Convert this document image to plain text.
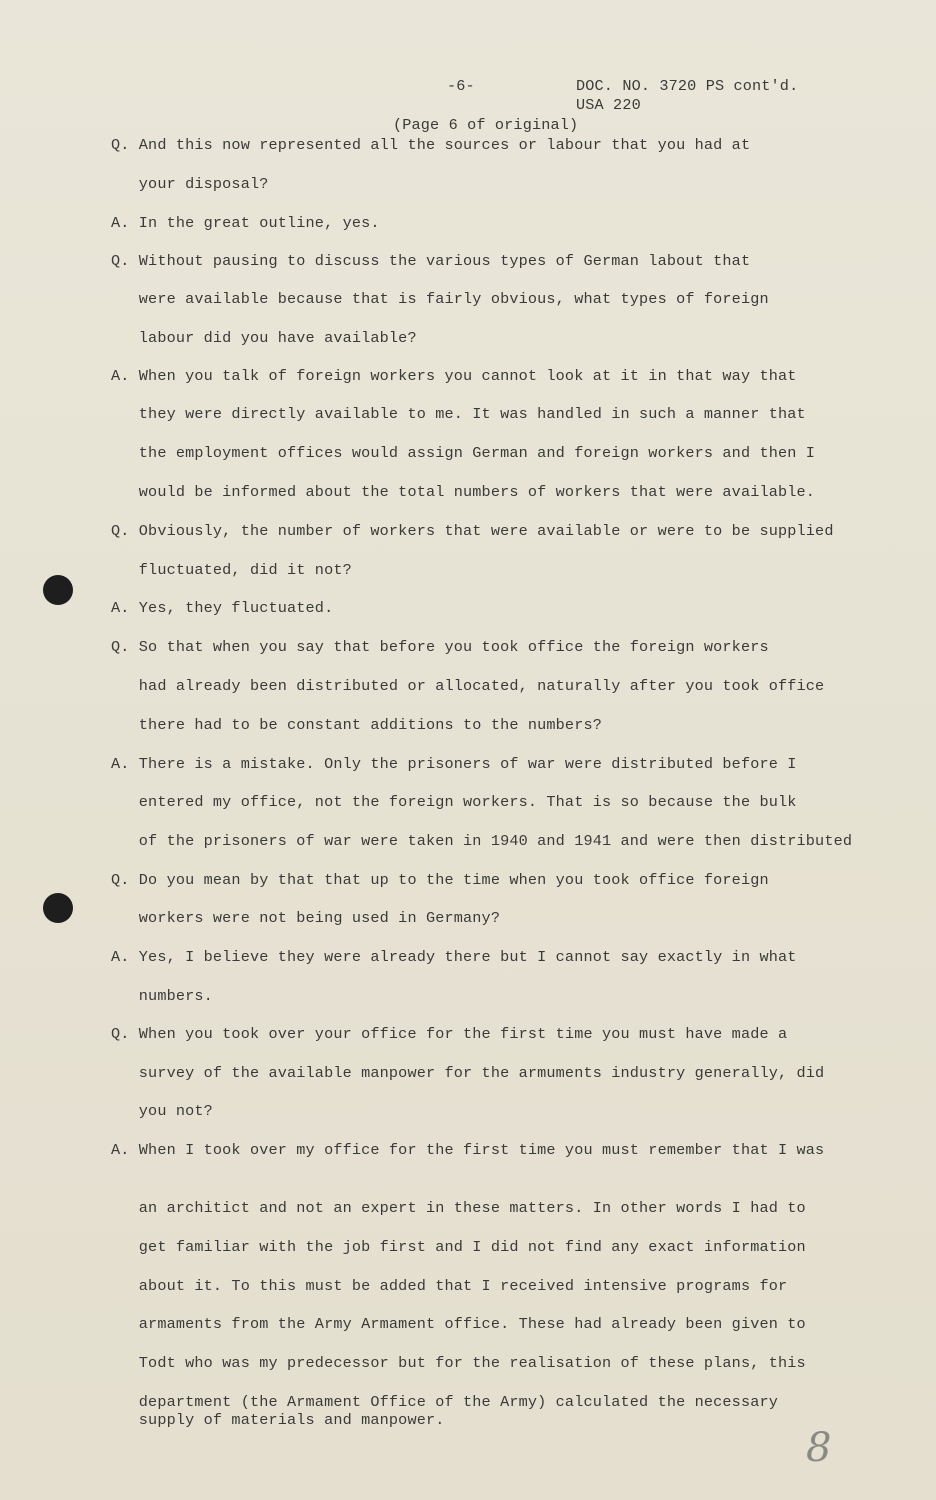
-6-	DOC. NO. 3720 PS cont'd.
USA 220
(Page 6 of original)
Q. And this now represented all the sources or labour that you had at
your disposal?
A. In the great outline, yes.
Q. Without pausing to discuss the various types of German labout that
were available because that is fairly obvious, what types of foreign
labour did you have available?
A. When you talk of foreign workers you cannot look at it in that way that
they were directly available to me. It was handled in such a manner that
the employment offices would assign German and foreign workers and then I
would be informed about the total numbers of workers that were available.
Q. Obviously, the number of workers that were available or were to be supplied
fluctuated, did it not?
A. Yes, they fluctuated.
Q. So that when you say that before you took office the foreign workers
had already been distributed or allocated, naturally after you took office
there had to be constant additions to the numbers?
A. There is a mistake. Only the prisoners of war were distributed before I
entered my office, not the foreign workers. That is so because the bulk
of the prisoners of war were taken in 1940 and 1941 and were then distributed
Q. Do you mean by that that up to the time when you took office foreign
workers were not being used in Germany?
A. Yes, I believe they were already there but I cannot say exactly in what
numbers.
Q. When you took over your office for the first time you must have made a
survey of the available manpower for the armuments industry generally, did
you not?
A. When I took over my office for the first time you must remember that I was
an architict and not an expert in these matters. In other words I had to
get familiar with the job first and I did not find any exact information
about it. To this must be added that I received intensive programs for
armaments from the Army Armament office. These had already been given to
Todt who was my predecessor but for the realisation of these plans, this
department (the Armament Office of the Army) calculated the necessary
supply of materials and manpower.
8
